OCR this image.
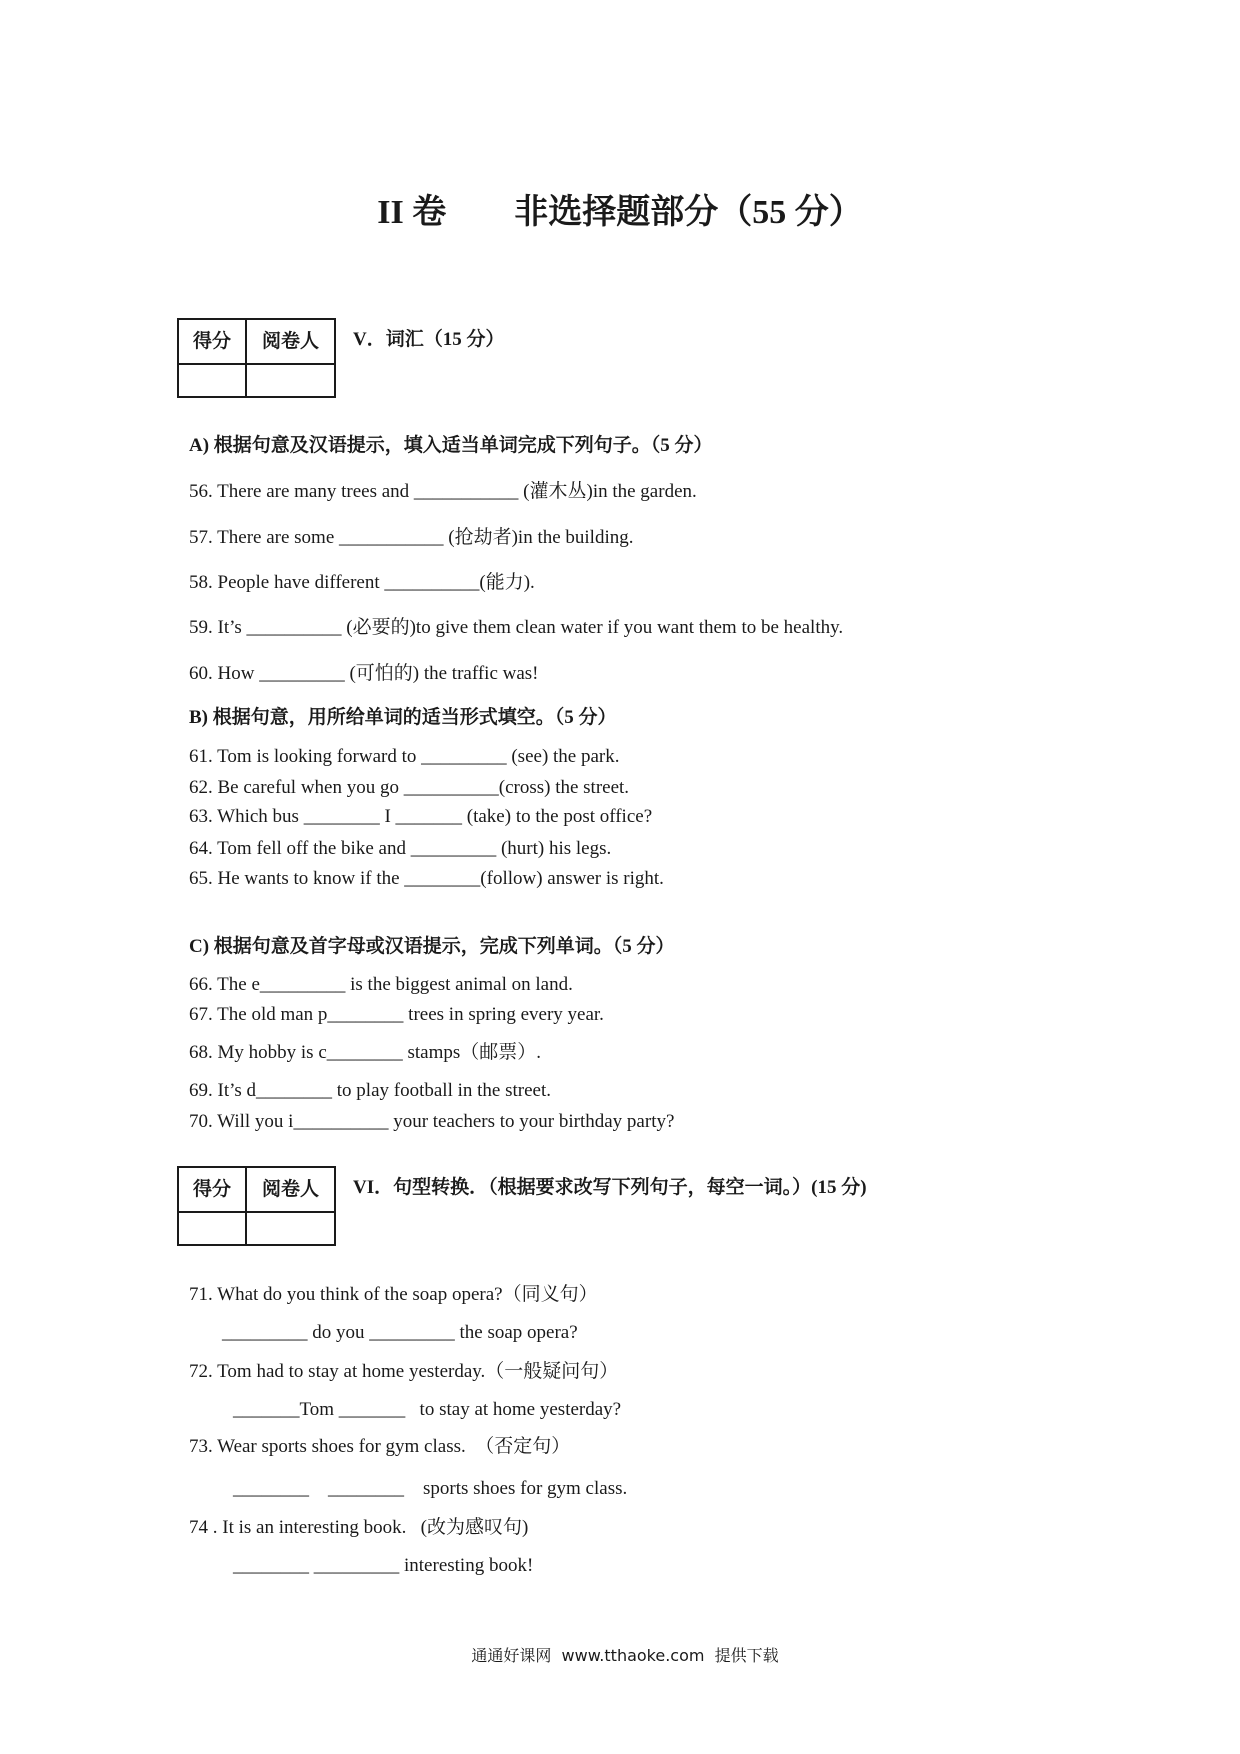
II 卷　　非选择题部分（55 分）
得分	阅卷人
	V．词汇（15 分）
A) 根据句意及汉语提示，填入适当单词完成下列句子。（5 分）
56. There are many trees and ___________ (灌木丛)in the garden.
57. There are some ___________ (抢劫者)in the building.
58. People have different __________(能力).
59. It’s __________ (必要的)to give them clean water if you want them to be healthy.
60. How _________ (可怕的) the traffic was!
B) 根据句意，用所给单词的适当形式填空。（5 分）
61. Tom is looking forward to _________ (see) the park.
62. Be careful when you go __________(cross) the street.
63. Which bus ________ I _______ (take) to the post office?
64. Tom fell off the bike and _________ (hurt) his legs.
65. He wants to know if the ________(follow) answer is right.
C) 根据句意及首字母或汉语提示，完成下列单词。（5 分）
66. The e_________ is the biggest animal on land.
67. The old man p________ trees in spring every year.
68. My hobby is c________ stamps（邮票）.
69. It’s d________ to play football in the street.
70. Will you i__________ your teachers to your birthday party?
得分	阅卷人
	VI．句型转换．（根据要求改写下列句子，每空一词。）(15 分)
71. What do you think of the soap opera?（同义句）
_________ do you _________ the soap opera?
72. Tom had to stay at home yesterday.（一般疑问句）
_______Tom _______   to stay at home yesterday?
73. Wear sports shoes for gym class.  （否定句）
________    ________    sports shoes for gym class.
74 . It is an interesting book.   (改为感叹句)
________ _________ interesting book!
通通好课网  www.tthaoke.com  提供下载
